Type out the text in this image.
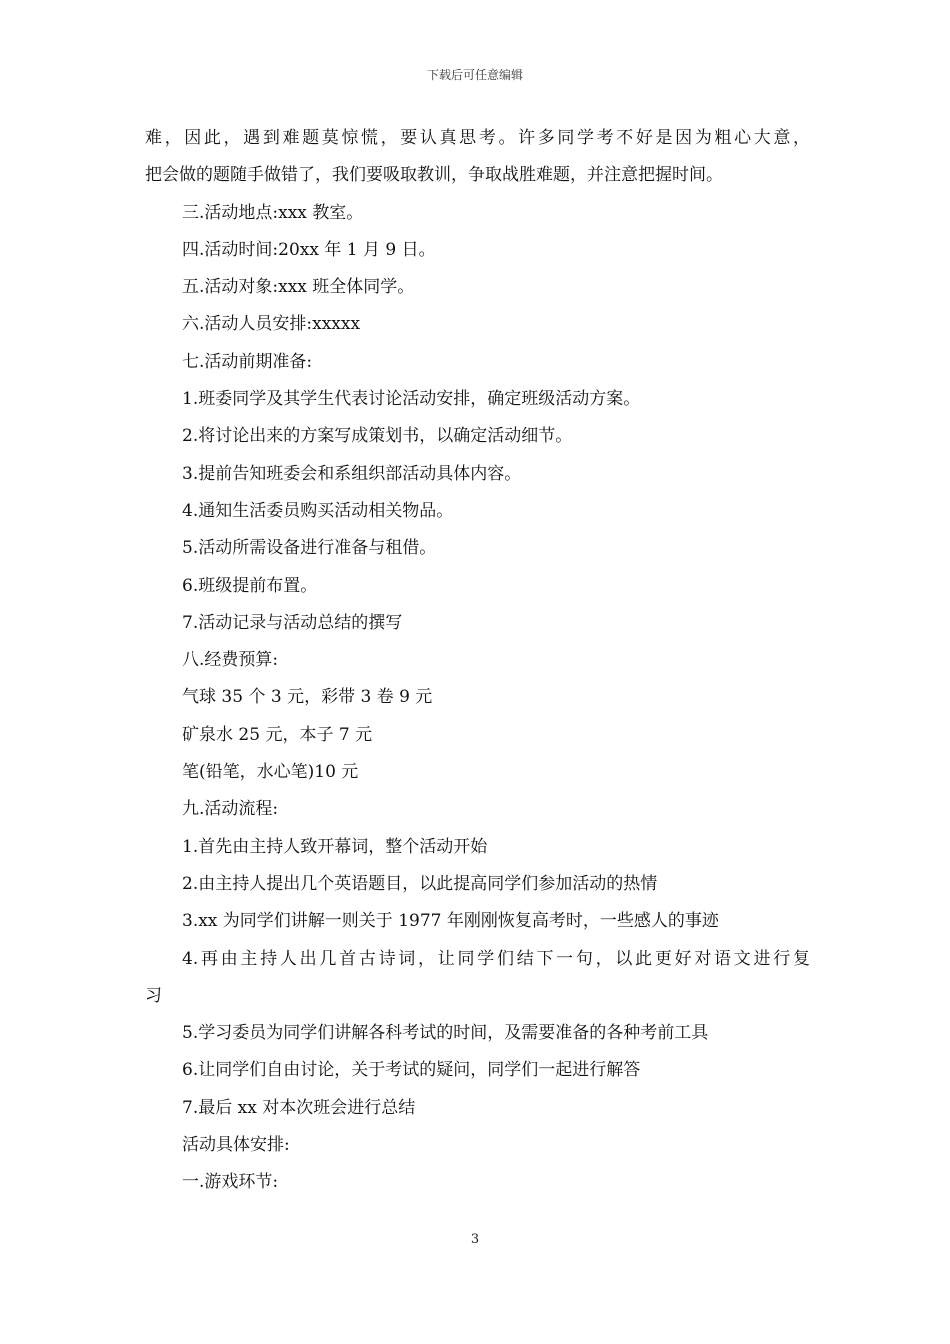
下载后可任意编辑
难，因此，遇到难题莫惊慌，要认真思考。许多同学考不好是因为粗心大意，
把会做的题随手做错了，我们要吸取教训，争取战胜难题，并注意把握时间。
三.活动地点:xxx 教室。
四.活动时间:20xx 年 1 月 9 日。
五.活动对象:xxx 班全体同学。
六.活动人员安排:xxxxx
七.活动前期准备:
1.班委同学及其学生代表讨论活动安排，确定班级活动方案。
2.将讨论出来的方案写成策划书，以确定活动细节。
3.提前告知班委会和系组织部活动具体内容。
4.通知生活委员购买活动相关物品。
5.活动所需设备进行准备与租借。
6.班级提前布置。
7.活动记录与活动总结的撰写
八.经费预算:
气球 35 个 3 元，彩带 3 卷 9 元
矿泉水 25 元，本子 7 元
笔(铅笔，水心笔)10 元
九.活动流程:
1.首先由主持人致开幕词，整个活动开始
2.由主持人提出几个英语题目，以此提高同学们参加活动的热情
3.xx 为同学们讲解一则关于 1977 年刚刚恢复高考时，一些感人的事迹
4.再由主持人出几首古诗词，让同学们结下一句，以此更好对语文进行复
习
5.学习委员为同学们讲解各科考试的时间，及需要准备的各种考前工具
6.让同学们自由讨论，关于考试的疑问，同学们一起进行解答
7.最后 xx 对本次班会进行总结
活动具体安排:
一.游戏环节:
3
